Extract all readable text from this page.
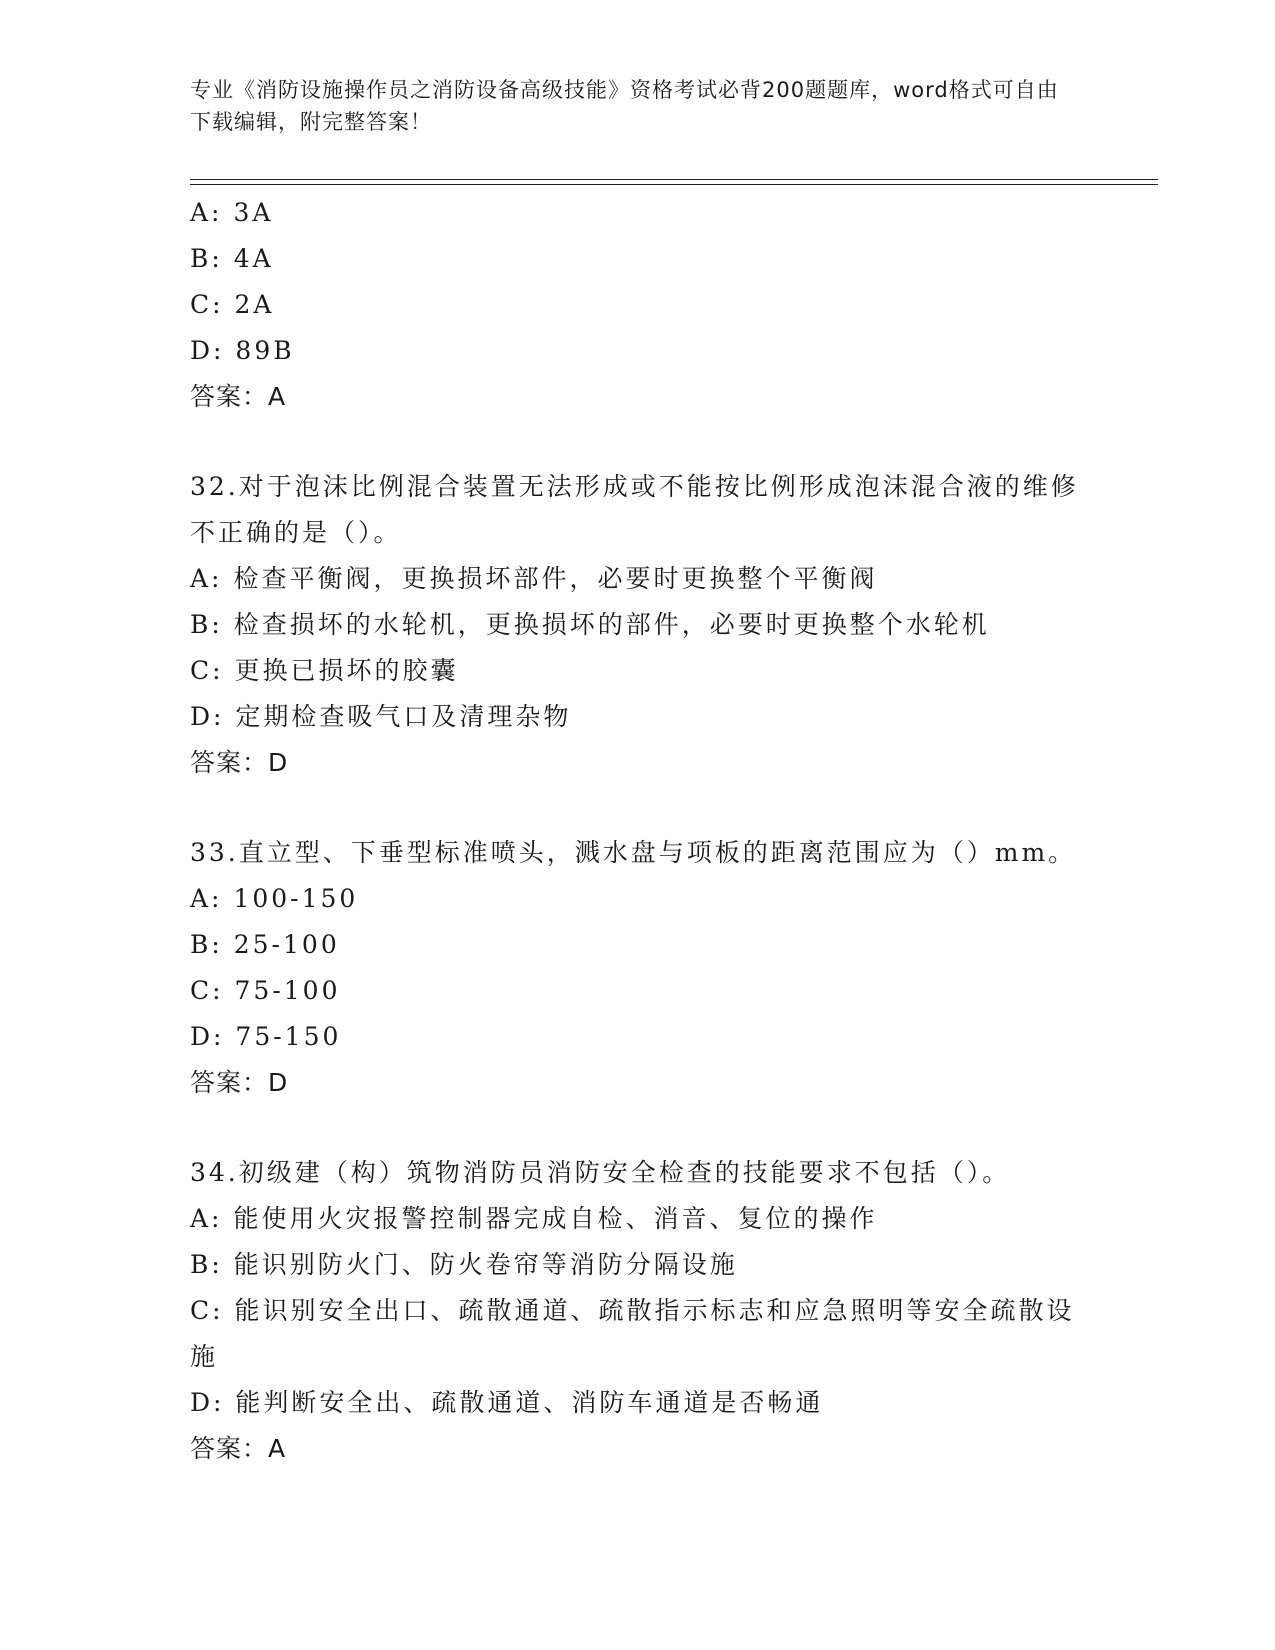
专业《消防设施操作员之消防设备高级技能》资格考试必背200题题库，word格式可自由下载编辑，附完整答案！
A: 3A
B: 4A
C: 2A
D: 89B
答案：A
32.对于泡沫比例混合装置无法形成或不能按比例形成泡沫混合液的维修不正确的是（）。
A: 检查平衡阀，更换损坏部件，必要时更换整个平衡阀
B: 检查损坏的水轮机，更换损坏的部件，必要时更换整个水轮机
C: 更换已损坏的胶囊
D: 定期检查吸气口及清理杂物
答案：D
33.直立型、下垂型标准喷头，溅水盘与项板的距离范围应为（）mm。
A: 100-150
B: 25-100
C: 75-100
D: 75-150
答案：D
34.初级建（构）筑物消防员消防安全检查的技能要求不包括（）。
A: 能使用火灾报警控制器完成自检、消音、复位的操作
B: 能识别防火门、防火卷帘等消防分隔设施
C: 能识别安全出口、疏散通道、疏散指示标志和应急照明等安全疏散设施
D: 能判断安全出、疏散通道、消防车通道是否畅通
答案：A
